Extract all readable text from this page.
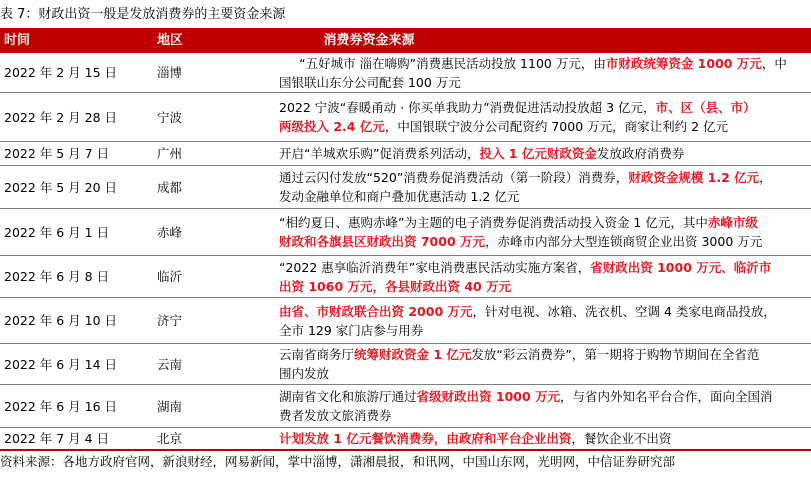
表 7：财政出资一般是发放消费券的主要资金来源
时间	地区	消费券资金来源
2022 年 2 月 15 日	淄博
“五好城市 淄在嗨购”消费惠民活动投放 1100 万元，由市财政统筹资金 1000 万元，中
国银联山东分公司配套 100 万元
2022 年 2 月 28 日	宁波
2022 宁波“春暖甬动 · 你买单我助力”消费促进活动投放超 3 亿元，市、区（县、市）
两级投入 2.4 亿元，中国银联宁波分公司配资约 7000 万元，商家让利约 2 亿元
2022 年 5 月 7 日	广州	开启“羊城欢乐购”促消费系列活动，投入 1 亿元财政资金发放政府消费券
2022 年 5 月 20 日	成都
通过云闪付发放“520”消费券促消费活动（第一阶段）消费券，财政资金规模 1.2 亿元，
发动金融单位和商户叠加优惠活动 1.2 亿元
2022 年 6 月 1 日	赤峰
“相约夏日、惠购赤峰”为主题的电子消费券促消费活动投入资金 1 亿元，其中赤峰市级
财政和各旗县区财政出资 7000 万元，赤峰市内部分大型连锁商贸企业出资 3000 万元
2022 年 6 月 8 日	临沂
“2022 惠享临沂消费年”家电消费惠民活动实施方案省，省财政出资 1000 万元、临沂市
出资 1060 万元，各县财政出资 40 万元
2022 年 6 月 10 日	济宁
由省、市财政联合出资 2000 万元，针对电视、冰箱、洗衣机、空调 4 类家电商品投放，
全市 129 家门店参与用券
2022 年 6 月 14 日	云南
云南省商务厅统筹财政资金 1 亿元发放“彩云消费券”，第一期将于购物节期间在全省范
围内发放
2022 年 6 月 16 日	湖南
湖南省文化和旅游厅通过省级财政出资 1000 万元，与省内外知名平台合作，面向全国消
费者发放文旅消费券
2022 年 7 月 4 日	北京	计划发放 1 亿元餐饮消费券，由政府和平台企业出资，餐饮企业不出资
资料来源：各地方政府官网，新浪财经，网易新闻，掌中淄博，潇湘晨报，和讯网，中国山东网，光明网，中信证券研究部
